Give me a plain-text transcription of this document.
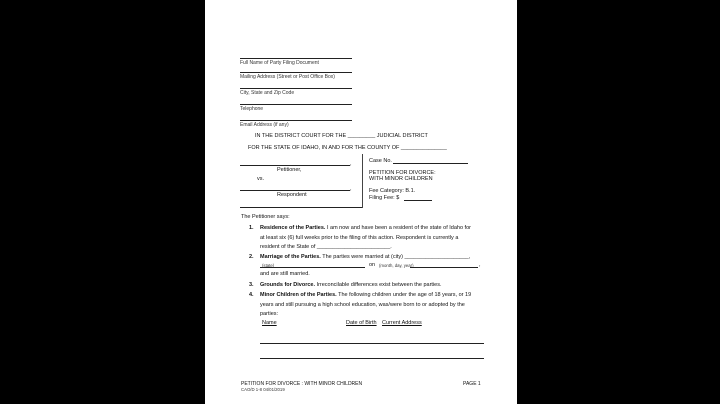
Full Name of Party Filing Document
Mailing Address (Street or Post Office Box)
City, State and Zip Code
Telephone
Email Address (if any)
IN THE DISTRICT COURT FOR THE _________ JUDICIAL DISTRICT
FOR THE STATE OF IDAHO, IN AND FOR THE COUNTY OF _______________
,
Petitioner,
vs.
,
Respondent
Case No.
PETITION FOR DIVORCE:
WITH MINOR CHILDREN
Fee Category: B.1.
Filing Fee: $
The Petitioner says:
1. Residence of the Parties. I am now and have been a resident of the state of Idaho for
at least six (6) full weeks prior to the filing of this action. Respondent is currently a
resident of the State of ________________________.
2. Marriage of the Parties. The parties were married at (city) _____________________,
(state)	on (month, day, year)	,
and are still married.
3. Grounds for Divorce. Irreconcilable differences exist between the parties.
4. Minor Children of the Parties. The following children under the age of 18 years, or 19
years and still pursuing a high school education, was/were born to or adopted by the
parties:
Name	Date of Birth Current Address
PETITION FOR DIVORCE : WITH MINOR CHILDREN
CAO/D 1-8 04/01/2019
PAGE 1
